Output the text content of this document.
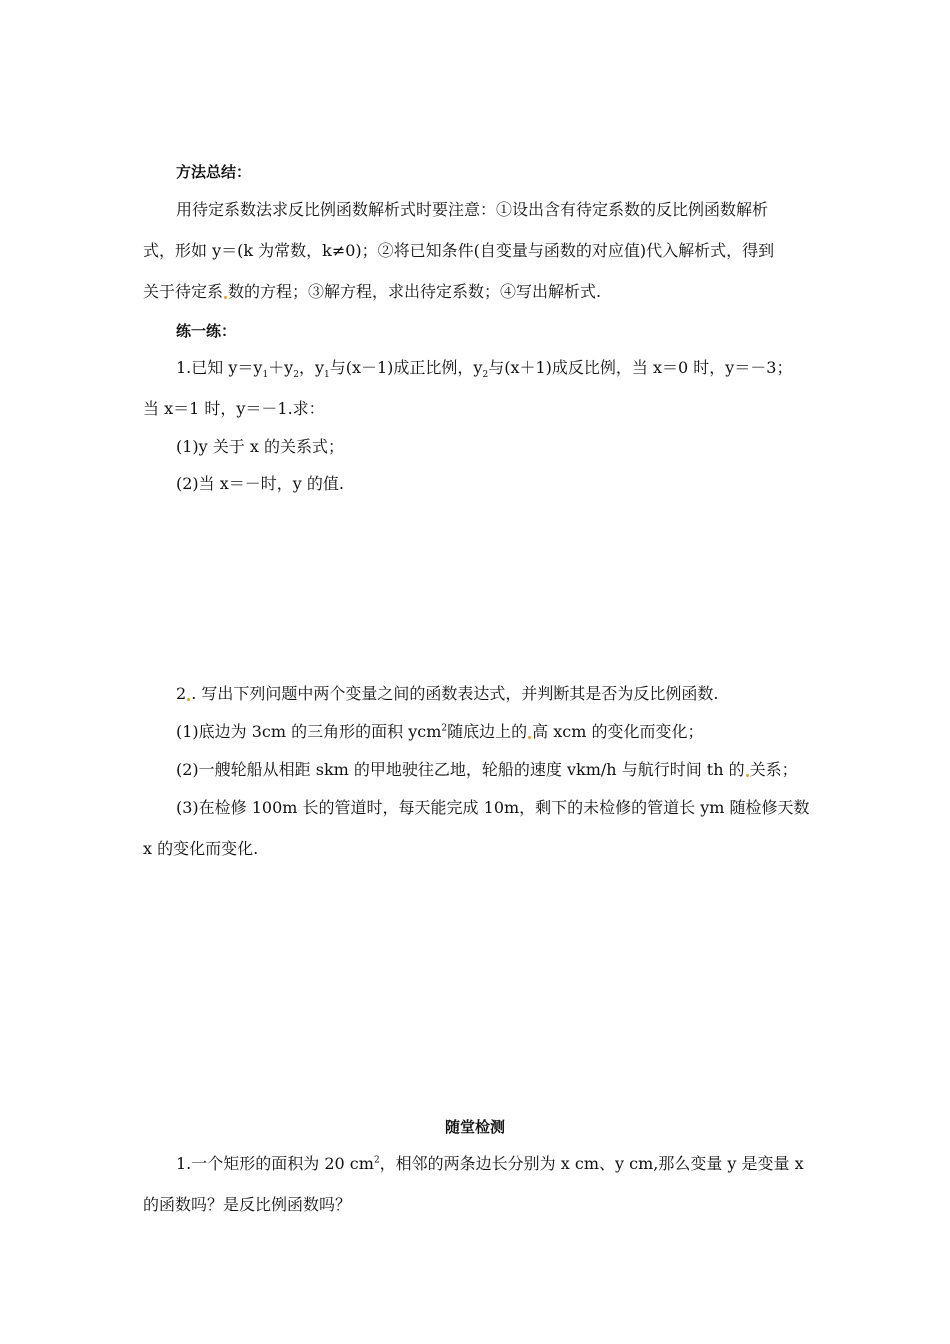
方法总结：
用待定系数法求反比例函数解析式时要注意：①设出含有待定系数的反比例函数解析
式，形如 y＝(k 为常数，k≠0)；②将已知条件(自变量与函数的对应值)代入解析式，得到
关于待定系 数的方程；③解方程，求出待定系数；④写出解析式.
练一练：
1.已知 $y=y_1+y_2$，$y_1$与(x－1)成正比例，$y_2$与(x＋1)成反比例，当 x＝0 时，y＝－3；
当 x＝1 时，y＝－1.求：
(1)y 关于 x 的关系式；
(2)当 x＝－时，y 的值.
2 . 写出下列问题中两个变量之间的函数表达式，并判断其是否为反比例函数.
(1)底边为 3cm 的三角形的面积 ycm$^2$随底边上的 高 xcm 的变化而变化；
(2)一艘轮船从相距 skm 的甲地驶往乙地，轮船的速度 vkm/h 与航行时间 th 的 关系；
(3)在检修 100m 长的管道时，每天能完成 10m，剩下的未检修的管道长 ym 随检修天数
x 的变化而变化.
随堂检测
1.一个矩形的面积为 20 $cm^2$，相邻的两条边长分别为 x cm、y cm,那么变量 y 是变量 x
的函数吗？是反比例函数吗？
